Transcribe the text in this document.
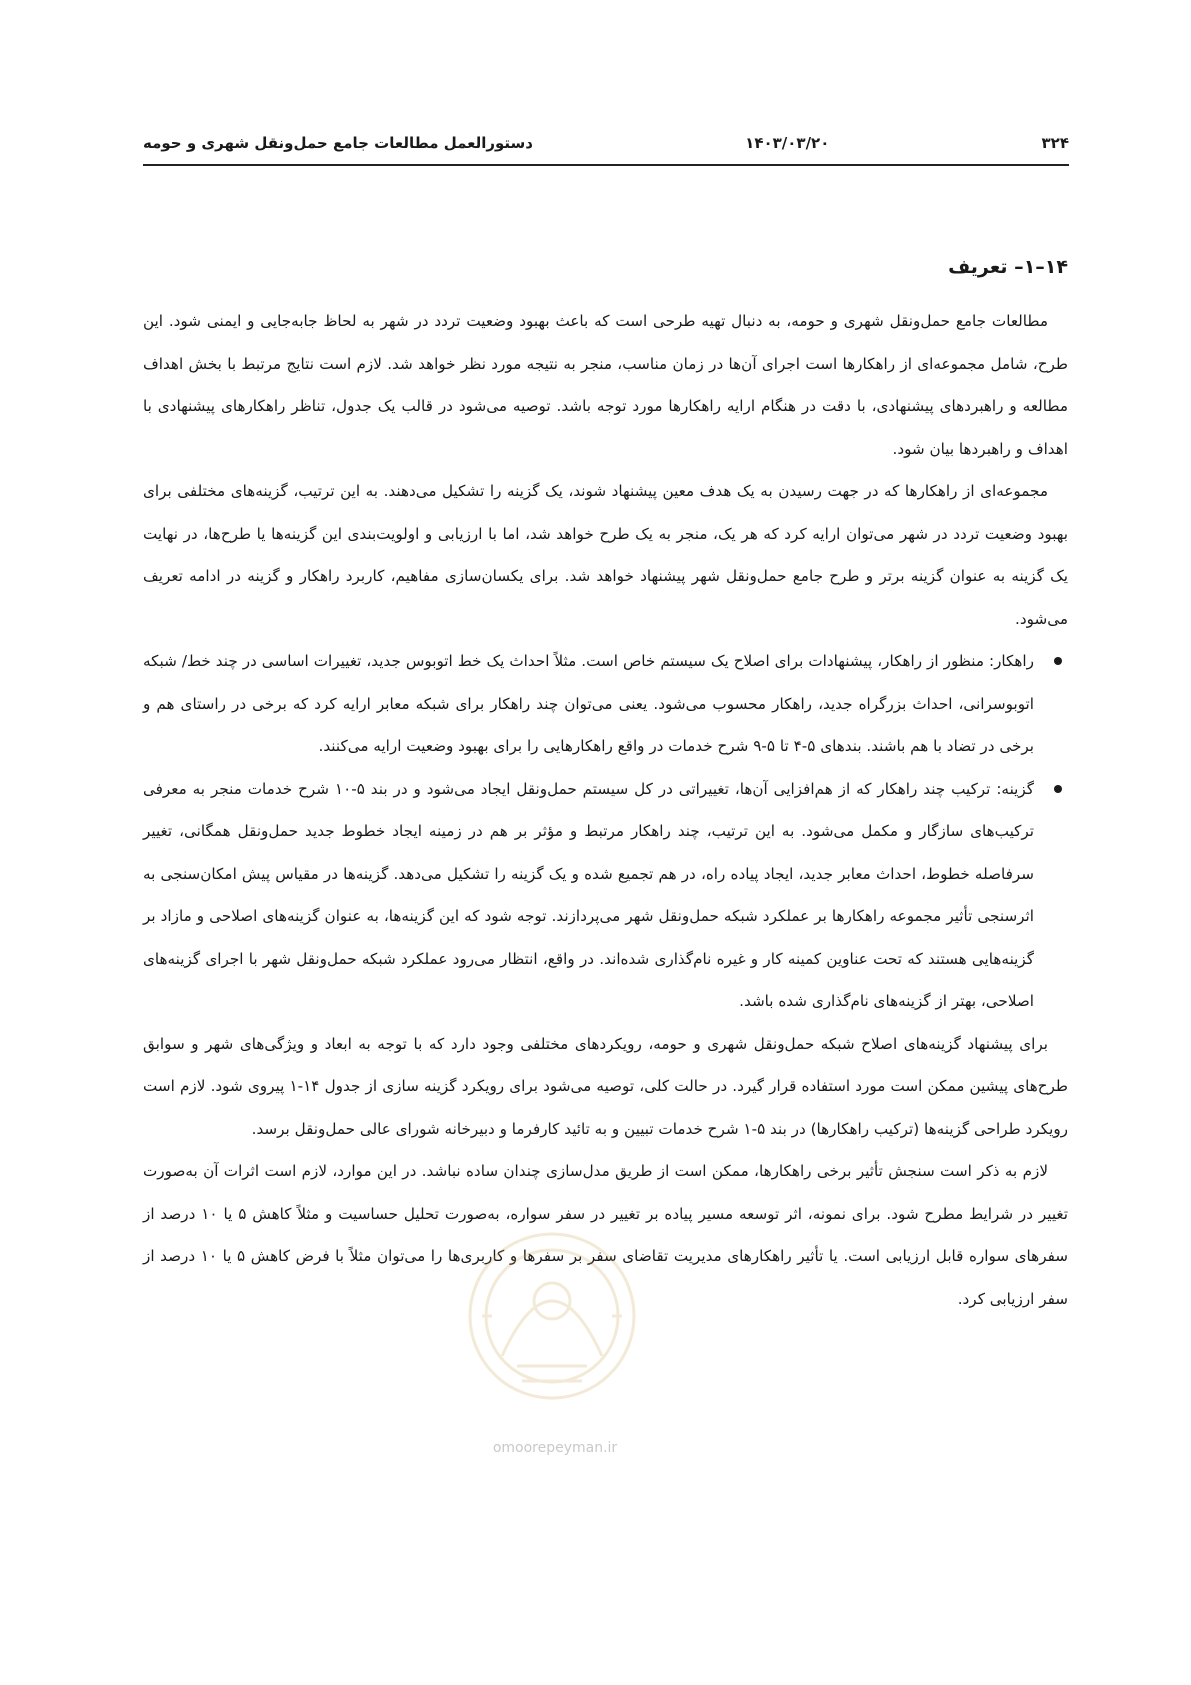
۳۲۴
۱۴۰۳/۰۳/۲۰
دستورالعمل مطالعات جامع حمل‌ونقل شهری و حومه
۱۴–۱– تعریف

مطالعات جامع حمل‌ونقل شهری و حومه، به دنبال تهیه طرحی است که باعث بهبود وضعیت تردد در شهر به لحاظ جابه‌جایی و ایمنی شود. این طرح، شامل مجموعه‌ای از راهکارها است اجرای آن‌ها در زمان مناسب، منجر به نتیجه مورد نظر خواهد شد. لازم است نتایج مرتبط با بخش اهداف مطالعه و راهبردهای پیشنهادی، با دقت در هنگام ارایه راهکارها مورد توجه باشد. توصیه می‌شود در قالب یک جدول، تناظر راهکارهای پیشنهادی با اهداف و راهبردها بیان شود.

مجموعه‌ای از راهکارها که در جهت رسیدن به یک هدف معین پیشنهاد شوند، یک گزینه را تشکیل می‌دهند. به این ترتیب، گزینه‌های مختلفی برای بهبود وضعیت تردد در شهر می‌توان ارایه کرد که هر یک، منجر به یک طرح خواهد شد، اما با ارزیابی و اولویت‌بندی این گزینه‌ها یا طرح‌ها، در نهایت یک گزینه به عنوان گزینه برتر و طرح جامع حمل‌ونقل شهر پیشنهاد خواهد شد. برای یکسان‌سازی مفاهیم، کاربرد راهکار و گزینه در ادامه تعریف می‌شود.

راهکار: منظور از راهکار، پیشنهادات برای اصلاح یک سیستم خاص است. مثلاً احداث یک خط اتوبوس جدید، تغییرات اساسی در چند خط/ شبکه اتوبوسرانی، احداث بزرگراه جدید، راهکار محسوب می‌شود. یعنی می‌توان چند راهکار برای شبکه معابر ارایه کرد که برخی در راستای هم و برخی در تضاد با هم باشند. بندهای ۵-۴ تا ۵-۹ شرح خدمات در واقع راهکارهایی را برای بهبود وضعیت ارایه می‌کنند.
گزینه: ترکیب چند راهکار که از هم‌افزایی آن‌ها، تغییراتی در کل سیستم حمل‌ونقل ایجاد می‌شود و در بند ۵-۱۰ شرح خدمات منجر به معرفی ترکیب‌های سازگار و مکمل می‌شود. به این ترتیب، چند راهکار مرتبط و مؤثر بر هم در زمینه ایجاد خطوط جدید حمل‌ونقل همگانی، تغییر سرفاصله خطوط، احداث معابر جدید، ایجاد پیاده راه، در هم تجمیع شده و یک گزینه را تشکیل می‌دهد. گزینه‌ها در مقیاس پیش امکان‌سنجی به اثرسنجی تأثیر مجموعه راهکارها بر عملکرد شبکه حمل‌ونقل شهر می‌پردازند. توجه شود که این گزینه‌ها، به عنوان گزینه‌های اصلاحی و مازاد بر گزینه‌هایی هستند که تحت عناوین کمینه کار و غیره نام‌گذاری شده‌اند. در واقع، انتظار می‌رود عملکرد شبکه حمل‌ونقل شهر با اجرای گزینه‌های اصلاحی، بهتر از گزینه‌های نام‌گذاری شده باشد.

برای پیشنهاد گزینه‌های اصلاح شبکه حمل‌ونقل شهری و حومه، رویکردهای مختلفی وجود دارد که با توجه به ابعاد و ویژگی‌های شهر و سوابق طرح‌های پیشین ممکن است مورد استفاده قرار گیرد. در حالت کلی، توصیه می‌شود برای رویکرد گزینه سازی از جدول ۱۴-۱ پیروی شود. لازم است رویکرد طراحی گزینه‌ها (ترکیب راهکارها) در بند ۵-۱ شرح خدمات تبیین و به تائید کارفرما و دبیرخانه شورای عالی حمل‌ونقل برسد.

لازم به ذکر است سنجش تأثیر برخی راهکارها، ممکن است از طریق مدل‌سازی چندان ساده نباشد. در این موارد، لازم است اثرات آن به‌صورت تغییر در شرایط مطرح شود. برای نمونه، اثر توسعه مسیر پیاده بر تغییر در سفر سواره، به‌صورت تحلیل حساسیت و مثلاً کاهش ۵ یا ۱۰ درصد از سفرهای سواره قابل ارزیابی است. یا تأثیر راهکارهای مدیریت تقاضای سفر بر سفرها و کاربری‌ها را می‌توان مثلاً با فرض کاهش ۵ یا ۱۰ درصد از سفر ارزیابی کرد.

omoorepeyman.ir
